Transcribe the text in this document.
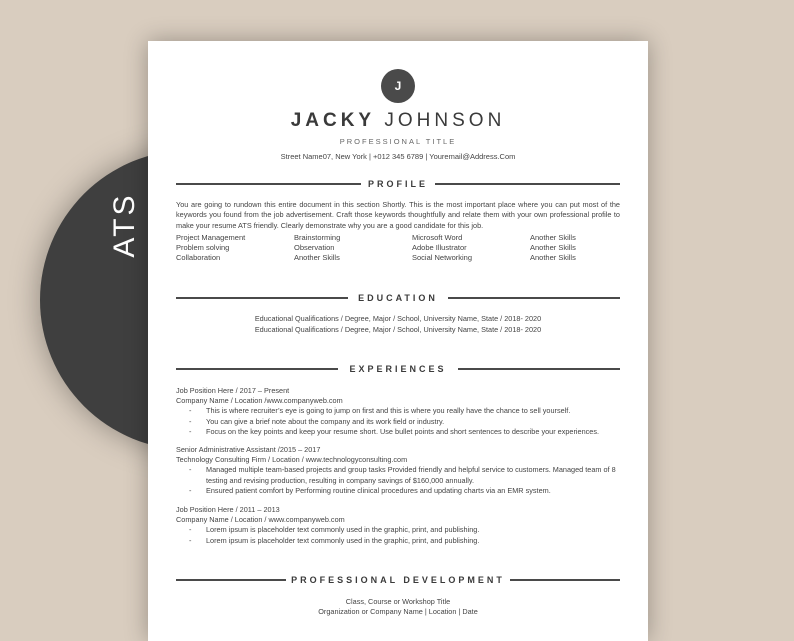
ATS
J
JACKY JOHNSON
PROFESSIONAL TITLE
Street Name07, New York | +012 345 6789 | Youremail@Address.Com
PROFILE
You are going to rundown this entire document in this section Shortly. This is the most important place where you can put most of the keywords you found from the job advertisement. Craft those keywords thoughtfully and relate them with your own professional profile to make your resume ATS friendly. Clearly demonstrate why you are a good candidate for this job.
Project Management	Brainstorming	Microsoft Word	Another Skills
Problem solving	Observation	Adobe Illustrator	Another Skills
Collaboration	Another Skills	Social Networking	Another Skills
EDUCATION
Educational Qualifications / Degree, Major / School, University Name, State / 2018- 2020
Educational Qualifications / Degree, Major / School, University Name, State / 2018- 2020
EXPERIENCES
Job Position Here / 2017 – Present
Company Name / Location /www.companyweb.com
- This is where recruiter’s eye is going to jump on first and this is where you really have the chance to sell yourself.
- You can give a brief note about the company and its work field or industry.
- Focus on the key points and keep your resume short. Use bullet points and short sentences to describe your experiences.
Senior Administrative Assistant /2015 – 2017
Technology Consulting Firm / Location / www.technologyconsulting.com
- Managed multiple team-based projects and group tasks Provided friendly and helpful service to customers. Managed team of 8 testing and revising production, resulting in company savings of $160,000 annually.
- Ensured patient comfort by Performing routine clinical procedures and updating charts via an EMR system.
Job Position Here / 2011 – 2013
Company Name / Location / www.companyweb.com
- Lorem ipsum is placeholder text commonly used in the graphic, print, and publishing.
- Lorem ipsum is placeholder text commonly used in the graphic, print, and publishing.
PROFESSIONAL DEVELOPMENT
Class, Course or Workshop Title
Organization or Company Name | Location | Date
